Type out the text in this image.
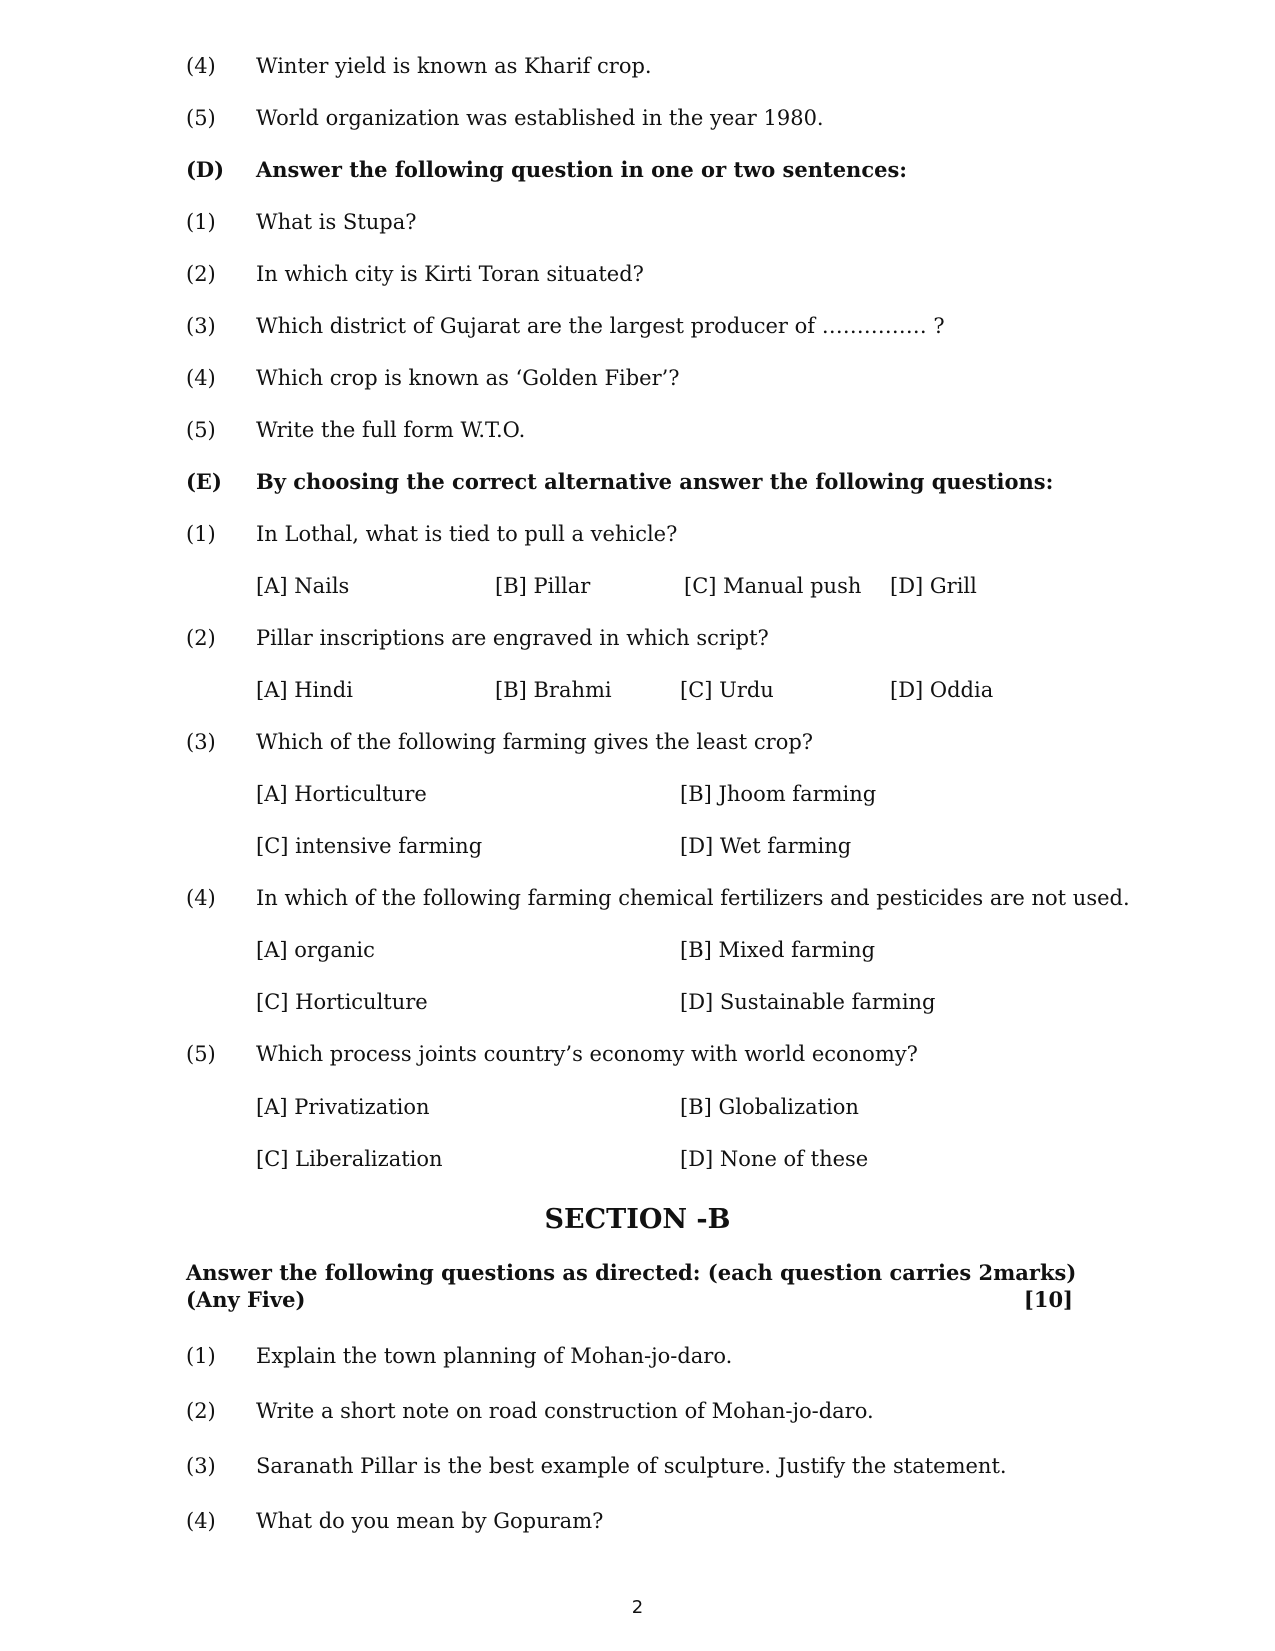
(4) Winter yield is known as Kharif crop.
(5) World organization was established in the year 1980.
(D) Answer the following question in one or two sentences:
(1) What is Stupa?
(2) In which city is Kirti Toran situated?
(3) Which district of Gujarat are the largest producer of …………… ?
(4) Which crop is known as ‘Golden Fiber’?
(5) Write the full form W.T.O.
(E) By choosing the correct alternative answer the following questions:
(1) In Lothal, what is tied to pull a vehicle?
[A] Nails	[B] Pillar	[C] Manual push [D] Grill
(2) Pillar inscriptions are engraved in which script?
[A] Hindi	[B] Brahmi	[C] Urdu	[D] Oddia
(3) Which of the following farming gives the least crop?
[A] Horticulture	[B] Jhoom farming
[C] intensive farming	[D] Wet farming
(4) In which of the following farming chemical fertilizers and pesticides are not used.
[A] organic	[B] Mixed farming
[C] Horticulture	[D] Sustainable farming
(5) Which process joints country’s economy with world economy?
[A] Privatization	[B] Globalization
[C] Liberalization	[D] None of these
SECTION -B
Answer the following questions as directed: (each question carries 2marks)
(Any Five)	[10]
(1) Explain the town planning of Mohan-jo-daro.
(2) Write a short note on road construction of Mohan-jo-daro.
(3) Saranath Pillar is the best example of sculpture. Justify the statement.
(4) What do you mean by Gopuram?
2
